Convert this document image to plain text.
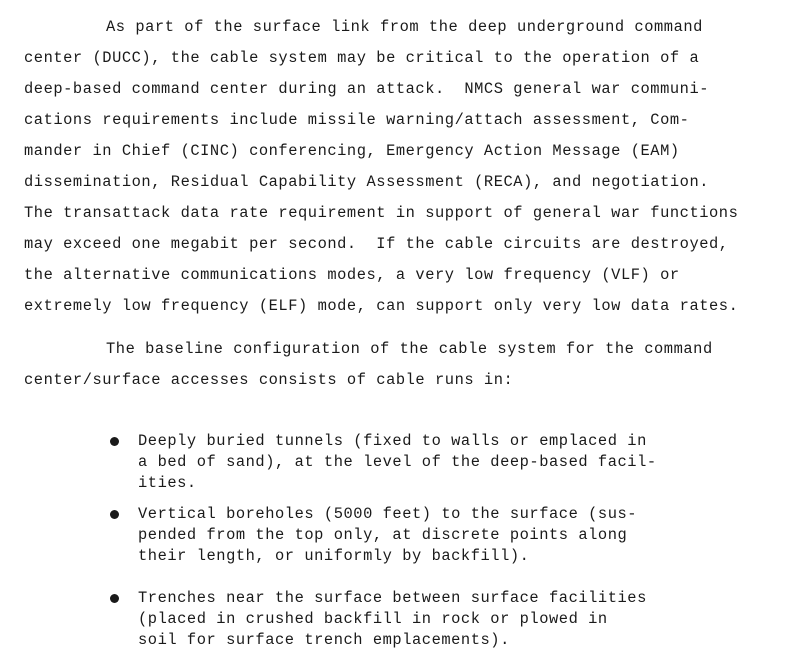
As part of the surface link from the deep underground command
center (DUCC), the cable system may be critical to the operation of a
deep-based command center during an attack.  NMCS general war communi-
cations requirements include missile warning/attach assessment, Com-
mander in Chief (CINC) conferencing, Emergency Action Message (EAM)
dissemination, Residual Capability Assessment (RECA), and negotiation.
The transattack data rate requirement in support of general war functions
may exceed one megabit per second.  If the cable circuits are destroyed,
the alternative communications modes, a very low frequency (VLF) or
extremely low frequency (ELF) mode, can support only very low data rates.
The baseline configuration of the cable system for the command
center/surface accesses consists of cable runs in:
Deeply buried tunnels (fixed to walls or emplaced in
a bed of sand), at the level of the deep-based facil-
ities.
Vertical boreholes (5000 feet) to the surface (sus-
pended from the top only, at discrete points along
their length, or uniformly by backfill).
Trenches near the surface between surface facilities
(placed in crushed backfill in rock or plowed in
soil for surface trench emplacements).
